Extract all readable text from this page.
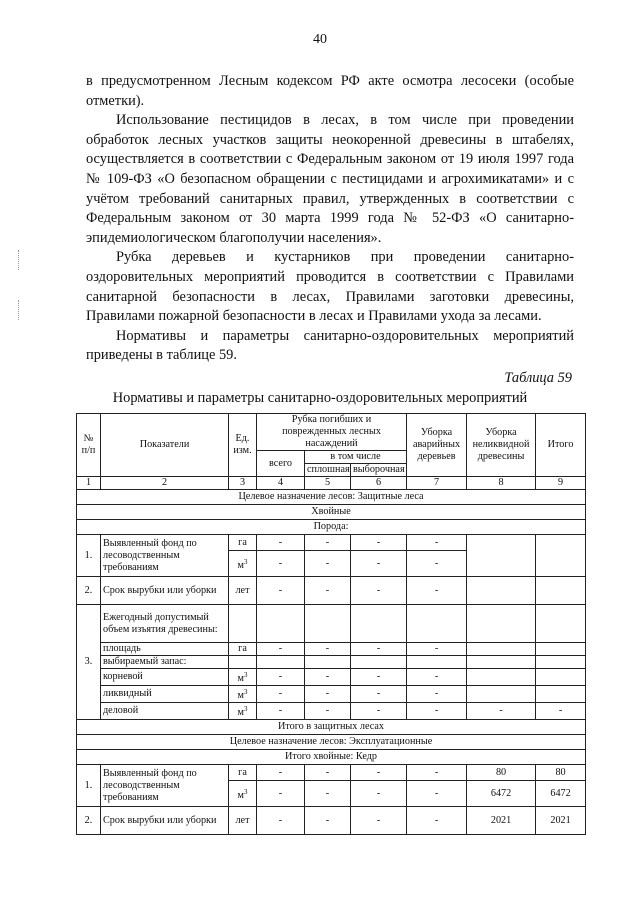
40

в предусмотренном Лесным кодексом РФ акте осмотра лесосеки (особые отметки).

Использование пестицидов в лесах, в том числе при проведении обработок лесных участков защиты неокоренной древесины в штабелях, осуществляется в соответствии с Федеральным законом от 19 июля 1997 года № 109-ФЗ «О безопасном обращении с пестицидами и агрохимикатами» и с учётом требований санитарных правил, утвержденных в соответствии с Федеральным законом от 30 марта 1999 года № 52-ФЗ «О санитарно-эпидемиологическом благополучии населения».

Рубка деревьев и кустарников при проведении санитарно-оздоровительных мероприятий проводится в соответствии с Правилами санитарной безопасности в лесах, Правилами заготовки древесины, Правилами пожарной безопасности в лесах и Правилами ухода за лесами.

Нормативы и параметры санитарно-оздоровительных мероприятий приведены в таблице 59.

Таблица 59
Нормативы и параметры санитарно-оздоровительных мероприятий
№ п/п	Показатели	Ед. изм.	Рубка погибших и поврежденных лесных насаждений			Уборка аварийных деревьев	Уборка неликвидной древесины	Итого
			всего	в том числе				
				сплошная	выборочная			
1	2	3	4	5	6	7	8	9
Целевое назначение лесов: Защитные леса								
Хвойные								
Порода:								
1.	Выявленный фонд по лесоводственным требованиям	га	-	-	-	-		
		$м^3$	-	-	-	-		
2.	Срок вырубки или уборки	лет	-	-	-	-		
3.	Ежегодный допустимый объем изъятия древесины:							
	площадь	га	-	-	-	-		
	выбираемый запас:							
	корневой	$м^3$	-	-	-	-		
	ликвидный	$м^3$	-	-	-	-		
	деловой	$м^3$	-	-	-	-	-	-
Итого в защитных лесах								
Целевое назначение лесов: Эксплуатационные								
Итого хвойные: Кедр								
1.	Выявленный фонд по лесоводственным требованиям	га	-	-	-	-	80	80
		$м^3$	-	-	-	-	6472	6472
2.	Срок вырубки или уборки	лет	-	-	-	-	2021	2021
